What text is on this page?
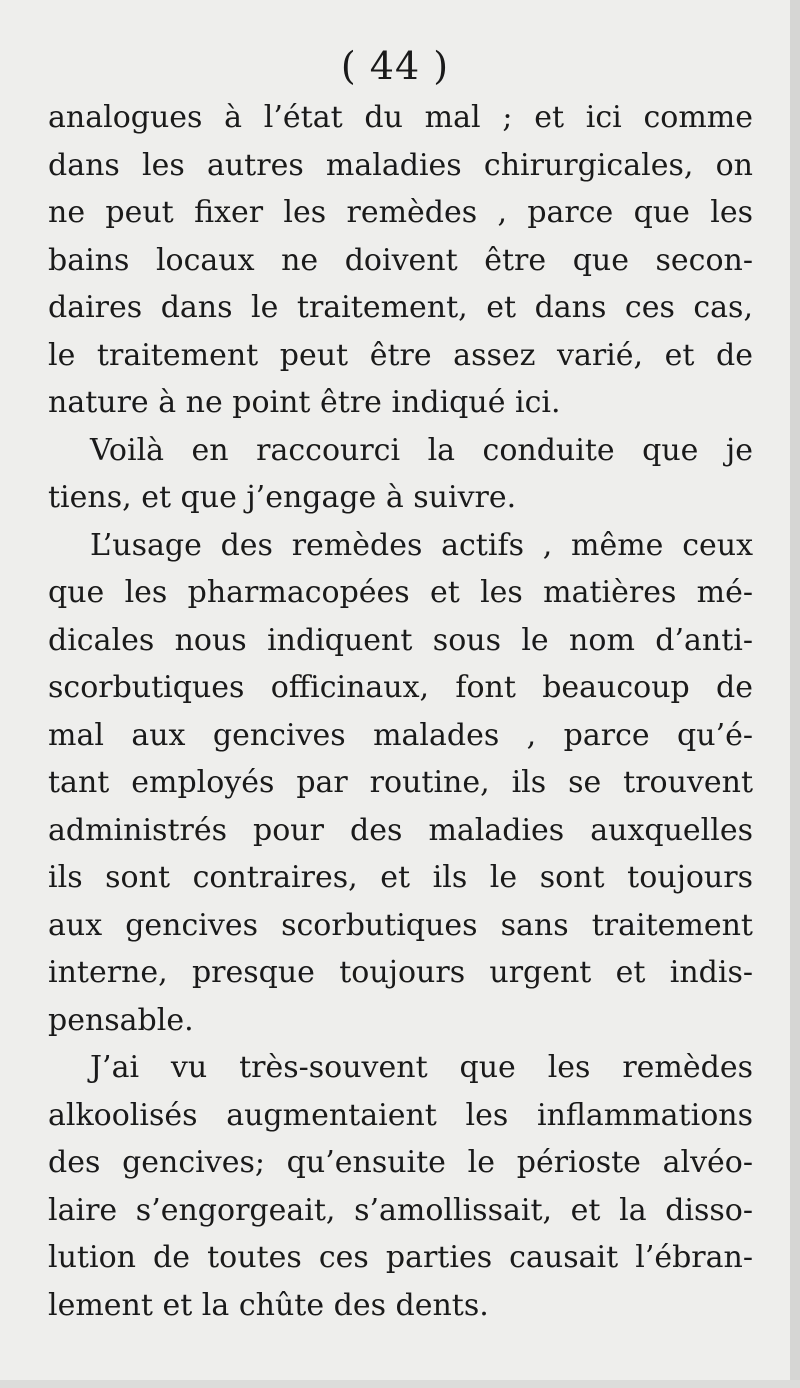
( 44 )
analogues à l’état du mal ; et ici comme
dans les autres maladies chirurgicales, on
ne peut fixer les remèdes , parce que les
bains locaux ne doivent être que secon-
daires dans le traitement, et dans ces cas,
le traitement peut être assez varié, et de
nature à ne point être indiqué ici.
Voilà en raccourci la conduite que je
tiens, et que j’engage à suivre.
L’usage des remèdes actifs , même ceux
que les pharmacopées et les matières mé-
dicales nous indiquent sous le nom d’anti-
scorbutiques officinaux, font beaucoup de
mal aux gencives malades , parce qu’é-
tant employés par routine, ils se trouvent
administrés pour des maladies auxquelles
ils sont contraires, et ils le sont toujours
aux gencives scorbutiques sans traitement
interne, presque toujours urgent et indis-
pensable.
J’ai vu très-souvent que les remèdes
alkoolisés augmentaient les inflammations
des gencives; qu’ensuite le périoste alvéo-
laire s’engorgeait, s’amollissait, et la disso-
lution de toutes ces parties causait l’ébran-
lement et la chûte des dents.
